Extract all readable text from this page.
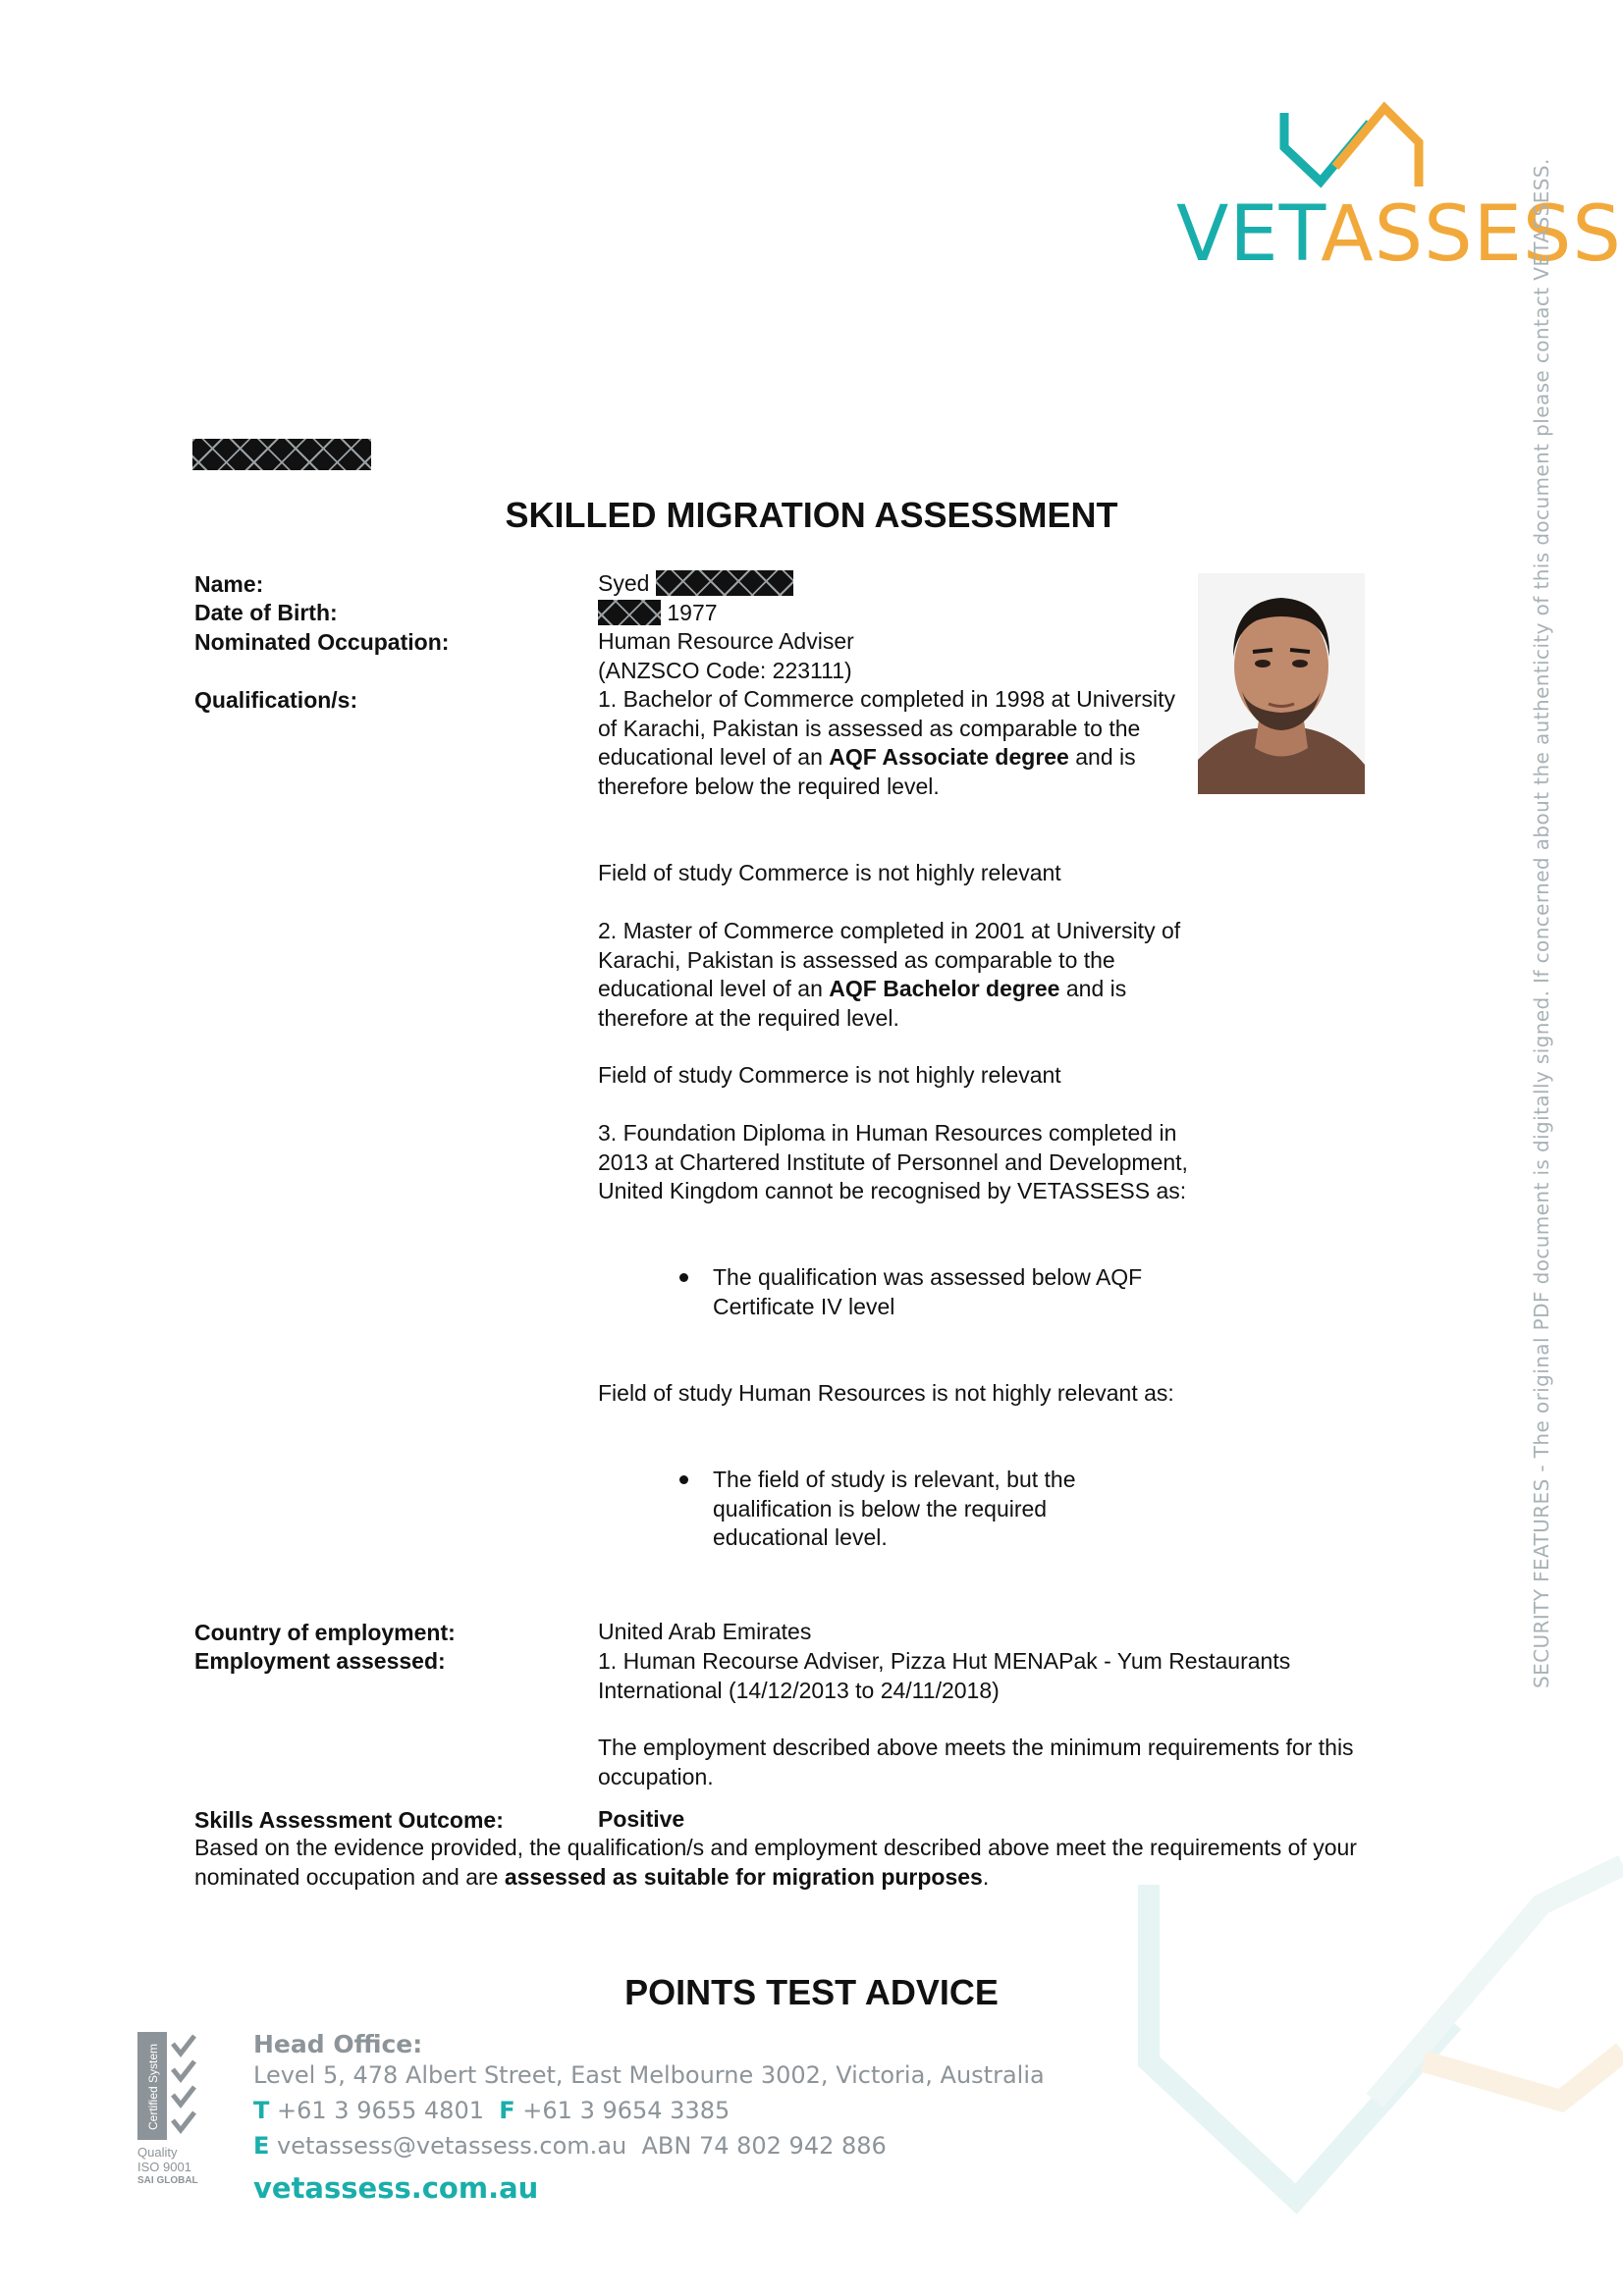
VETASSESS
SECURITY FEATURES - The original PDF document is digitally signed. If concerned about the authenticity of this document please contact VETASSESS.
SKILLED MIGRATION ASSESSMENT
Name:	Syed
Date of Birth:	1977
Nominated Occupation:	Human Resource Adviser
(ANZSCO Code: 223111)
Qualification/s:	1. Bachelor of Commerce completed in 1998 at University of Karachi, Pakistan is assessed as comparable to the educational level of an AQF Associate degree and is therefore below the required level.
Field of study Commerce is not highly relevant
2. Master of Commerce completed in 2001 at University of Karachi, Pakistan is assessed as comparable to the educational level of an AQF Bachelor degree and is therefore at the required level.
Field of study Commerce is not highly relevant
3. Foundation Diploma in Human Resources completed in 2013 at Chartered Institute of Personnel and Development, United Kingdom cannot be recognised by VETASSESS as:
The qualification was assessed below AQF Certificate IV level
Field of study Human Resources is not highly relevant as:
The field of study is relevant, but the qualification is below the required educational level.
Country of employment:	United Arab Emirates
Employment assessed:	1. Human Recourse Adviser, Pizza Hut MENAPak - Yum Restaurants International (14/12/2013 to 24/11/2018)
The employment described above meets the minimum requirements for this occupation.
Skills Assessment Outcome:	Positive
Based on the evidence provided, the qualification/s and employment described above meet the requirements of your nominated occupation and are assessed as suitable for migration purposes.
POINTS TEST ADVICE
Certified System
Quality
ISO 9001
SAI GLOBAL
Head Office:
Level 5, 478 Albert Street, East Melbourne 3002, Victoria, Australia
T +61 3 9655 4801 F +61 3 9654 3385
E vetassess@vetassess.com.au ABN 74 802 942 886
vetassess.com.au
